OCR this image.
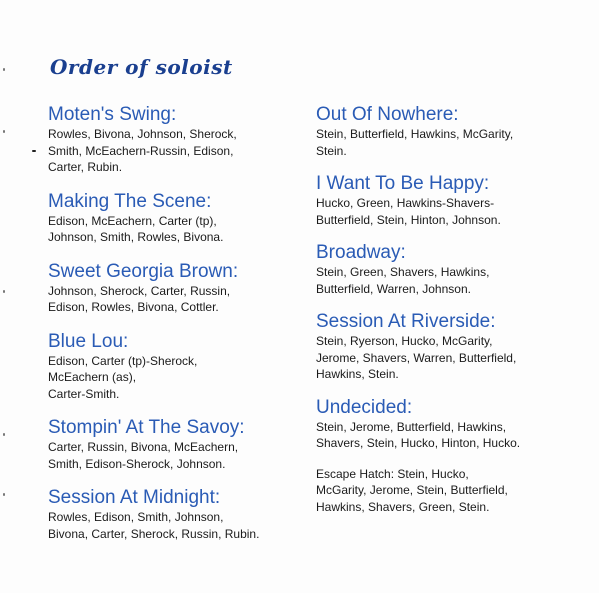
Order of soloist
Moten's Swing:
Rowles, Bivona, Johnson, Sherock,
Smith, McEachern-Russin, Edison,
Carter, Rubin.
Making The Scene:
Edison, McEachern, Carter (tp),
Johnson, Smith, Rowles, Bivona.
Sweet Georgia Brown:
Johnson, Sherock, Carter, Russin,
Edison, Rowles, Bivona, Cottler.
Blue Lou:
Edison, Carter (tp)-Sherock,
McEachern (as),
Carter-Smith.
Stompin' At The Savoy:
Carter, Russin, Bivona, McEachern,
Smith, Edison-Sherock, Johnson.
Session At Midnight:
Rowles, Edison, Smith, Johnson,
Bivona, Carter, Sherock, Russin, Rubin.
Out Of Nowhere:
Stein, Butterfield, Hawkins, McGarity,
Stein.
I Want To Be Happy:
Hucko, Green, Hawkins-Shavers-
Butterfield, Stein, Hinton, Johnson.
Broadway:
Stein, Green, Shavers, Hawkins,
Butterfield, Warren, Johnson.
Session At Riverside:
Stein, Ryerson, Hucko, McGarity,
Jerome, Shavers, Warren, Butterfield,
Hawkins, Stein.
Undecided:
Stein, Jerome, Butterfield, Hawkins,
Shavers, Stein, Hucko, Hinton, Hucko.
Escape Hatch: Stein, Hucko,
McGarity, Jerome, Stein, Butterfield,
Hawkins, Shavers, Green, Stein.
